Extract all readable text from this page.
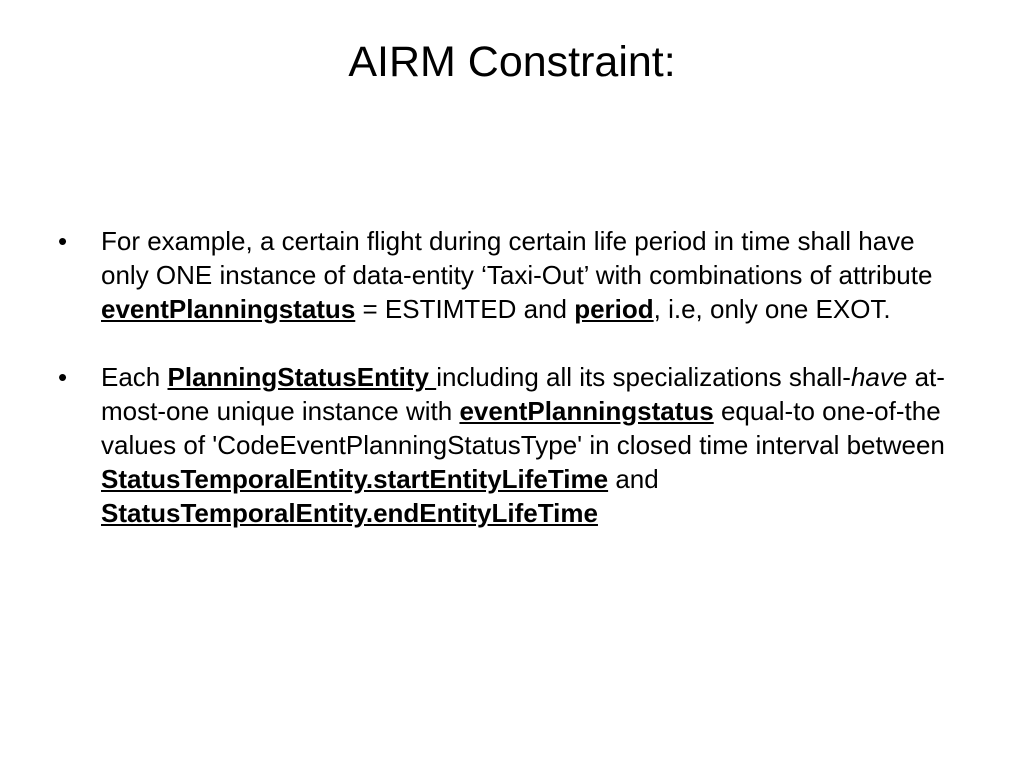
AIRM Constraint:

•	For example, a certain flight during certain life period in time shall have only ONE instance of data-entity ‘Taxi-Out’ with combinations of attribute eventPlanningstatus = ESTIMTED and period, i.e, only one EXOT.

•	Each PlanningStatusEntity including all its specializations shall-have at-most-one unique instance with eventPlanningstatus equal-to one-of-the values of 'CodeEventPlanningStatusType' in closed time interval between StatusTemporalEntity.startEntityLifeTime and StatusTemporalEntity.endEntityLifeTime
